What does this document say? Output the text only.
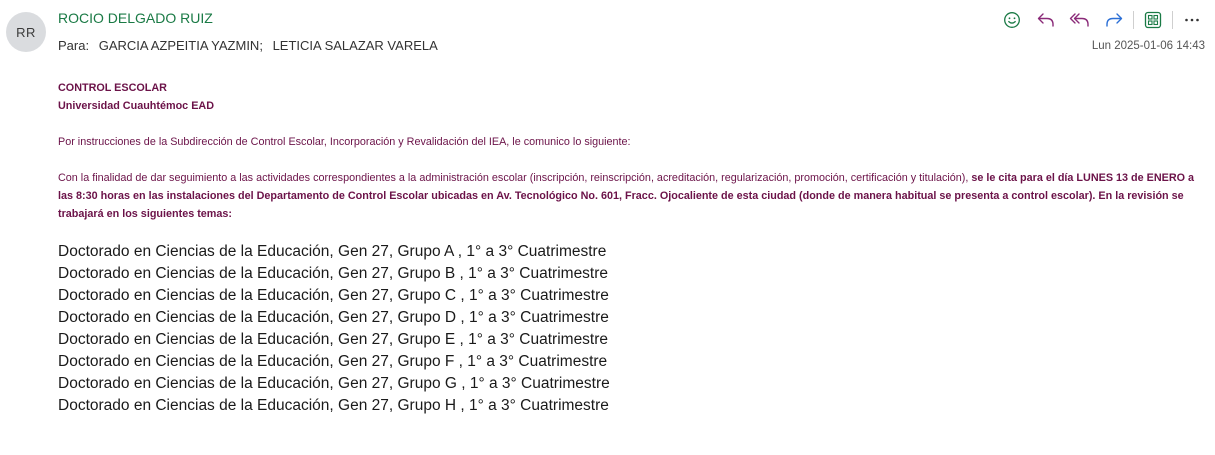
RR
ROCIO DELGADO RUIZ
Para: GARCIA AZPEITIA YAZMIN; LETICIA SALAZAR VARELA	Lun 2025-01-06 14:43

CONTROL ESCOLAR

Universidad Cuauhtémoc EAD

Por instrucciones de la Subdirección de Control Escolar, Incorporación y Revalidación del IEA, le comunico lo siguiente:

Con la finalidad de dar seguimiento a las actividades correspondientes a la administración escolar (inscripción, reinscripción, acreditación, regularización, promoción, certificación y titulación), se le cita para el día LUNES 13 de ENERO a las 8:30 horas en las instalaciones del Departamento de Control Escolar ubicadas en Av. Tecnológico No. 601, Fracc. Ojocaliente de esta ciudad (donde de manera habitual se presenta a control escolar). En la revisión se trabajará en los siguientes temas:

Doctorado en Ciencias de la Educación, Gen 27, Grupo A , 1° a 3° Cuatrimestre
Doctorado en Ciencias de la Educación, Gen 27, Grupo B , 1° a 3° Cuatrimestre
Doctorado en Ciencias de la Educación, Gen 27, Grupo C , 1° a 3° Cuatrimestre
Doctorado en Ciencias de la Educación, Gen 27, Grupo D , 1° a 3° Cuatrimestre
Doctorado en Ciencias de la Educación, Gen 27, Grupo E , 1° a 3° Cuatrimestre
Doctorado en Ciencias de la Educación, Gen 27, Grupo F , 1° a 3° Cuatrimestre
Doctorado en Ciencias de la Educación, Gen 27, Grupo G , 1° a 3° Cuatrimestre
Doctorado en Ciencias de la Educación, Gen 27, Grupo H , 1° a 3° Cuatrimestre
